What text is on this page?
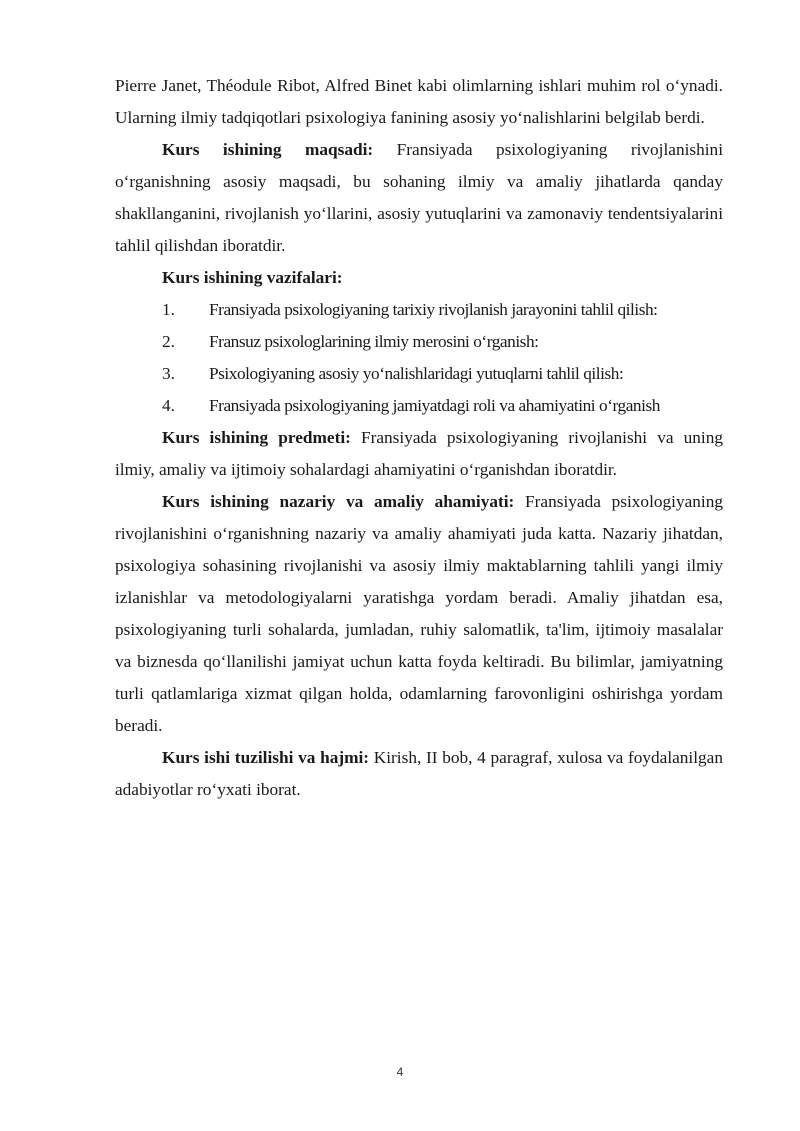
Pierre Janet, Théodule Ribot, Alfred Binet kabi olimlarning ishlari muhim rol o‘ynadi. Ularning ilmiy tadqiqotlari psixologiya fanining asosiy yo‘nalishlarini belgilab berdi.

Kurs ishining maqsadi: Fransiyada psixologiyaning rivojlanishini o‘rganishning asosiy maqsadi, bu sohaning ilmiy va amaliy jihatlarda qanday shakllanganini, rivojlanish yo‘llarini, asosiy yutuqlarini va zamonaviy tendentsiyalarini tahlil qilishdan iboratdir.

Kurs ishining vazifalari:
1. Fransiyada psixologiyaning tarixiy rivojlanish jarayonini tahlil qilish:
2. Fransuz psixologlarining ilmiy merosini o‘rganish:
3. Psixologiyaning asosiy yo‘nalishlaridagi yutuqlarni tahlil qilish:
4. Fransiyada psixologiyaning jamiyatdagi roli va ahamiyatini o‘rganish

Kurs ishining predmeti: Fransiyada psixologiyaning rivojlanishi va uning ilmiy, amaliy va ijtimoiy sohalardagi ahamiyatini o‘rganishdan iboratdir.

Kurs ishining nazariy va amaliy ahamiyati: Fransiyada psixologiyaning rivojlanishini o‘rganishning nazariy va amaliy ahamiyati juda katta. Nazariy jihatdan, psixologiya sohasining rivojlanishi va asosiy ilmiy maktablarning tahlili yangi ilmiy izlanishlar va metodologiyalarni yaratishga yordam beradi. Amaliy jihatdan esa, psixologiyaning turli sohalarda, jumladan, ruhiy salomatlik, ta'lim, ijtimoiy masalalar va biznesda qo‘llanilishi jamiyat uchun katta foyda keltiradi. Bu bilimlar, jamiyatning turli qatlamlariga xizmat qilgan holda, odamlarning farovonligini oshirishga yordam beradi.

Kurs ishi tuzilishi va hajmi: Kirish, II bob, 4 paragraf, xulosa va foydalanilgan adabiyotlar ro‘yxati iborat.

4
